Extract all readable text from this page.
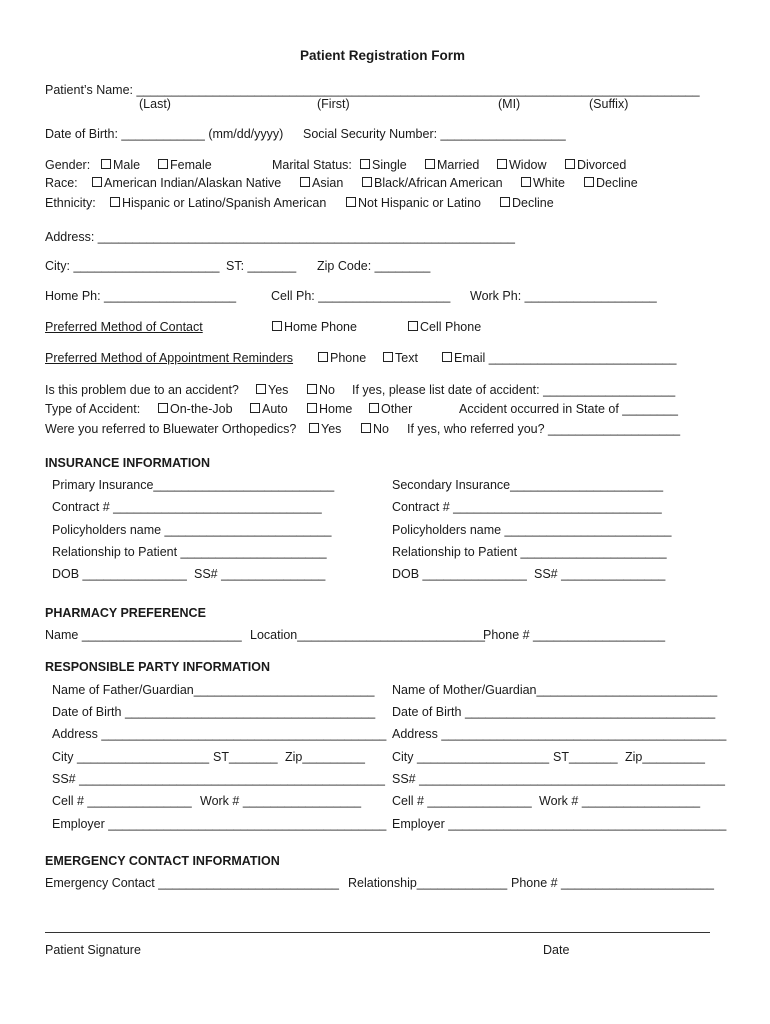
Patient Registration Form
Patient’s Name: _________________________________________________________________________________
(Last)	(First)	(MI)	(Suffix)
Date of Birth: ____________ (mm/dd/yyyy) Social Security Number: __________________
Gender:	Male	Female	Marital Status:	Single	Married	Widow	Divorced
Race:	American Indian/Alaskan Native	Asian	Black/African American	White	Decline
Ethnicity:	Hispanic or Latino/Spanish American	Not Hispanic or Latino	Decline
Address: ____________________________________________________________
City: _____________________ ST: _______ Zip Code: ________
Home Ph: ___________________	Cell Ph: ___________________ Work Ph: ___________________
Preferred Method of Contact	Home Phone	Cell Phone
Preferred Method of Appointment Reminders	Phone	Text	Email ___________________________
Is this problem due to an accident?	Yes	No If yes, please list date of accident: ___________________
Type of Accident:	On-the-Job	Auto	Home	Other	Accident occurred in State of ________
Were you referred to Bluewater Orthopedics?	Yes	No If yes, who referred you? ___________________
INSURANCE INFORMATION
Primary Insurance__________________________
Contract # ______________________________
Policyholders name ________________________
Relationship to Patient _____________________
DOB _______________ SS# _______________
Secondary Insurance______________________
Contract # ______________________________
Policyholders name ________________________
Relationship to Patient _____________________
DOB _______________ SS# _______________
PHARMACY PREFERENCE
Name _______________________ Location___________________________
Phone # ___________________
RESPONSIBLE PARTY INFORMATION
Name of Father/Guardian__________________________
Date of Birth ____________________________________
Address _________________________________________
City ___________________ ST_______ Zip_________
SS# ____________________________________________
Cell # _______________ Work # _________________
Employer ________________________________________
Name of Mother/Guardian__________________________
Date of Birth ____________________________________
Address _________________________________________
City ___________________ ST_______ Zip_________
SS# ____________________________________________
Cell # _______________ Work # _________________
Employer ________________________________________
EMERGENCY CONTACT INFORMATION
Emergency Contact __________________________ Relationship_____________ Phone # ______________________
Patient Signature	Date
